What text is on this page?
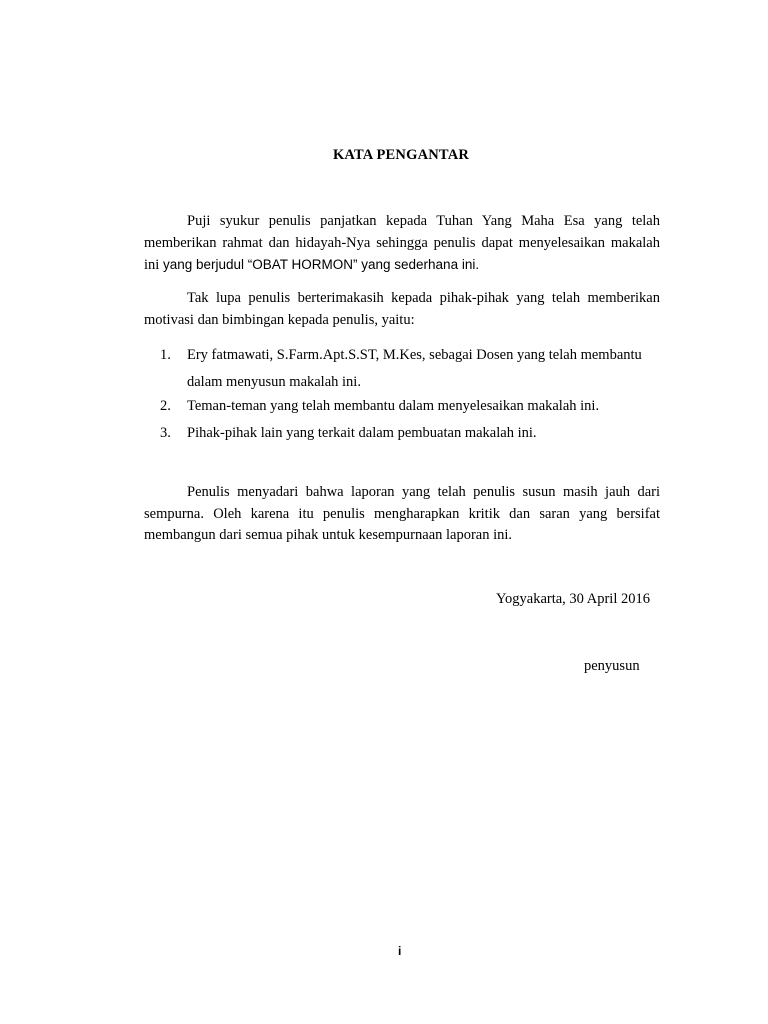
KATA PENGANTAR

Puji syukur penulis panjatkan kepada Tuhan Yang Maha Esa yang telah memberikan rahmat dan hidayah-Nya sehingga penulis dapat menyelesaikan makalah ini yang berjudul “OBAT HORMON” yang sederhana ini.

Tak lupa penulis berterimakasih kepada pihak-pihak yang telah memberikan motivasi dan bimbingan kepada penulis, yaitu:

1. Ery fatmawati, S.Farm.Apt.S.ST, M.Kes, sebagai Dosen yang telah membantu dalam menyusun makalah ini.
2. Teman-teman yang telah membantu dalam menyelesaikan makalah ini.
3. Pihak-pihak lain yang terkait dalam pembuatan makalah ini.

Penulis menyadari bahwa laporan yang telah penulis susun masih jauh dari sempurna. Oleh karena itu penulis mengharapkan kritik dan saran yang bersifat membangun dari semua pihak untuk kesempurnaan laporan ini.

Yogyakarta, 30 April 2016
penyusun
i
